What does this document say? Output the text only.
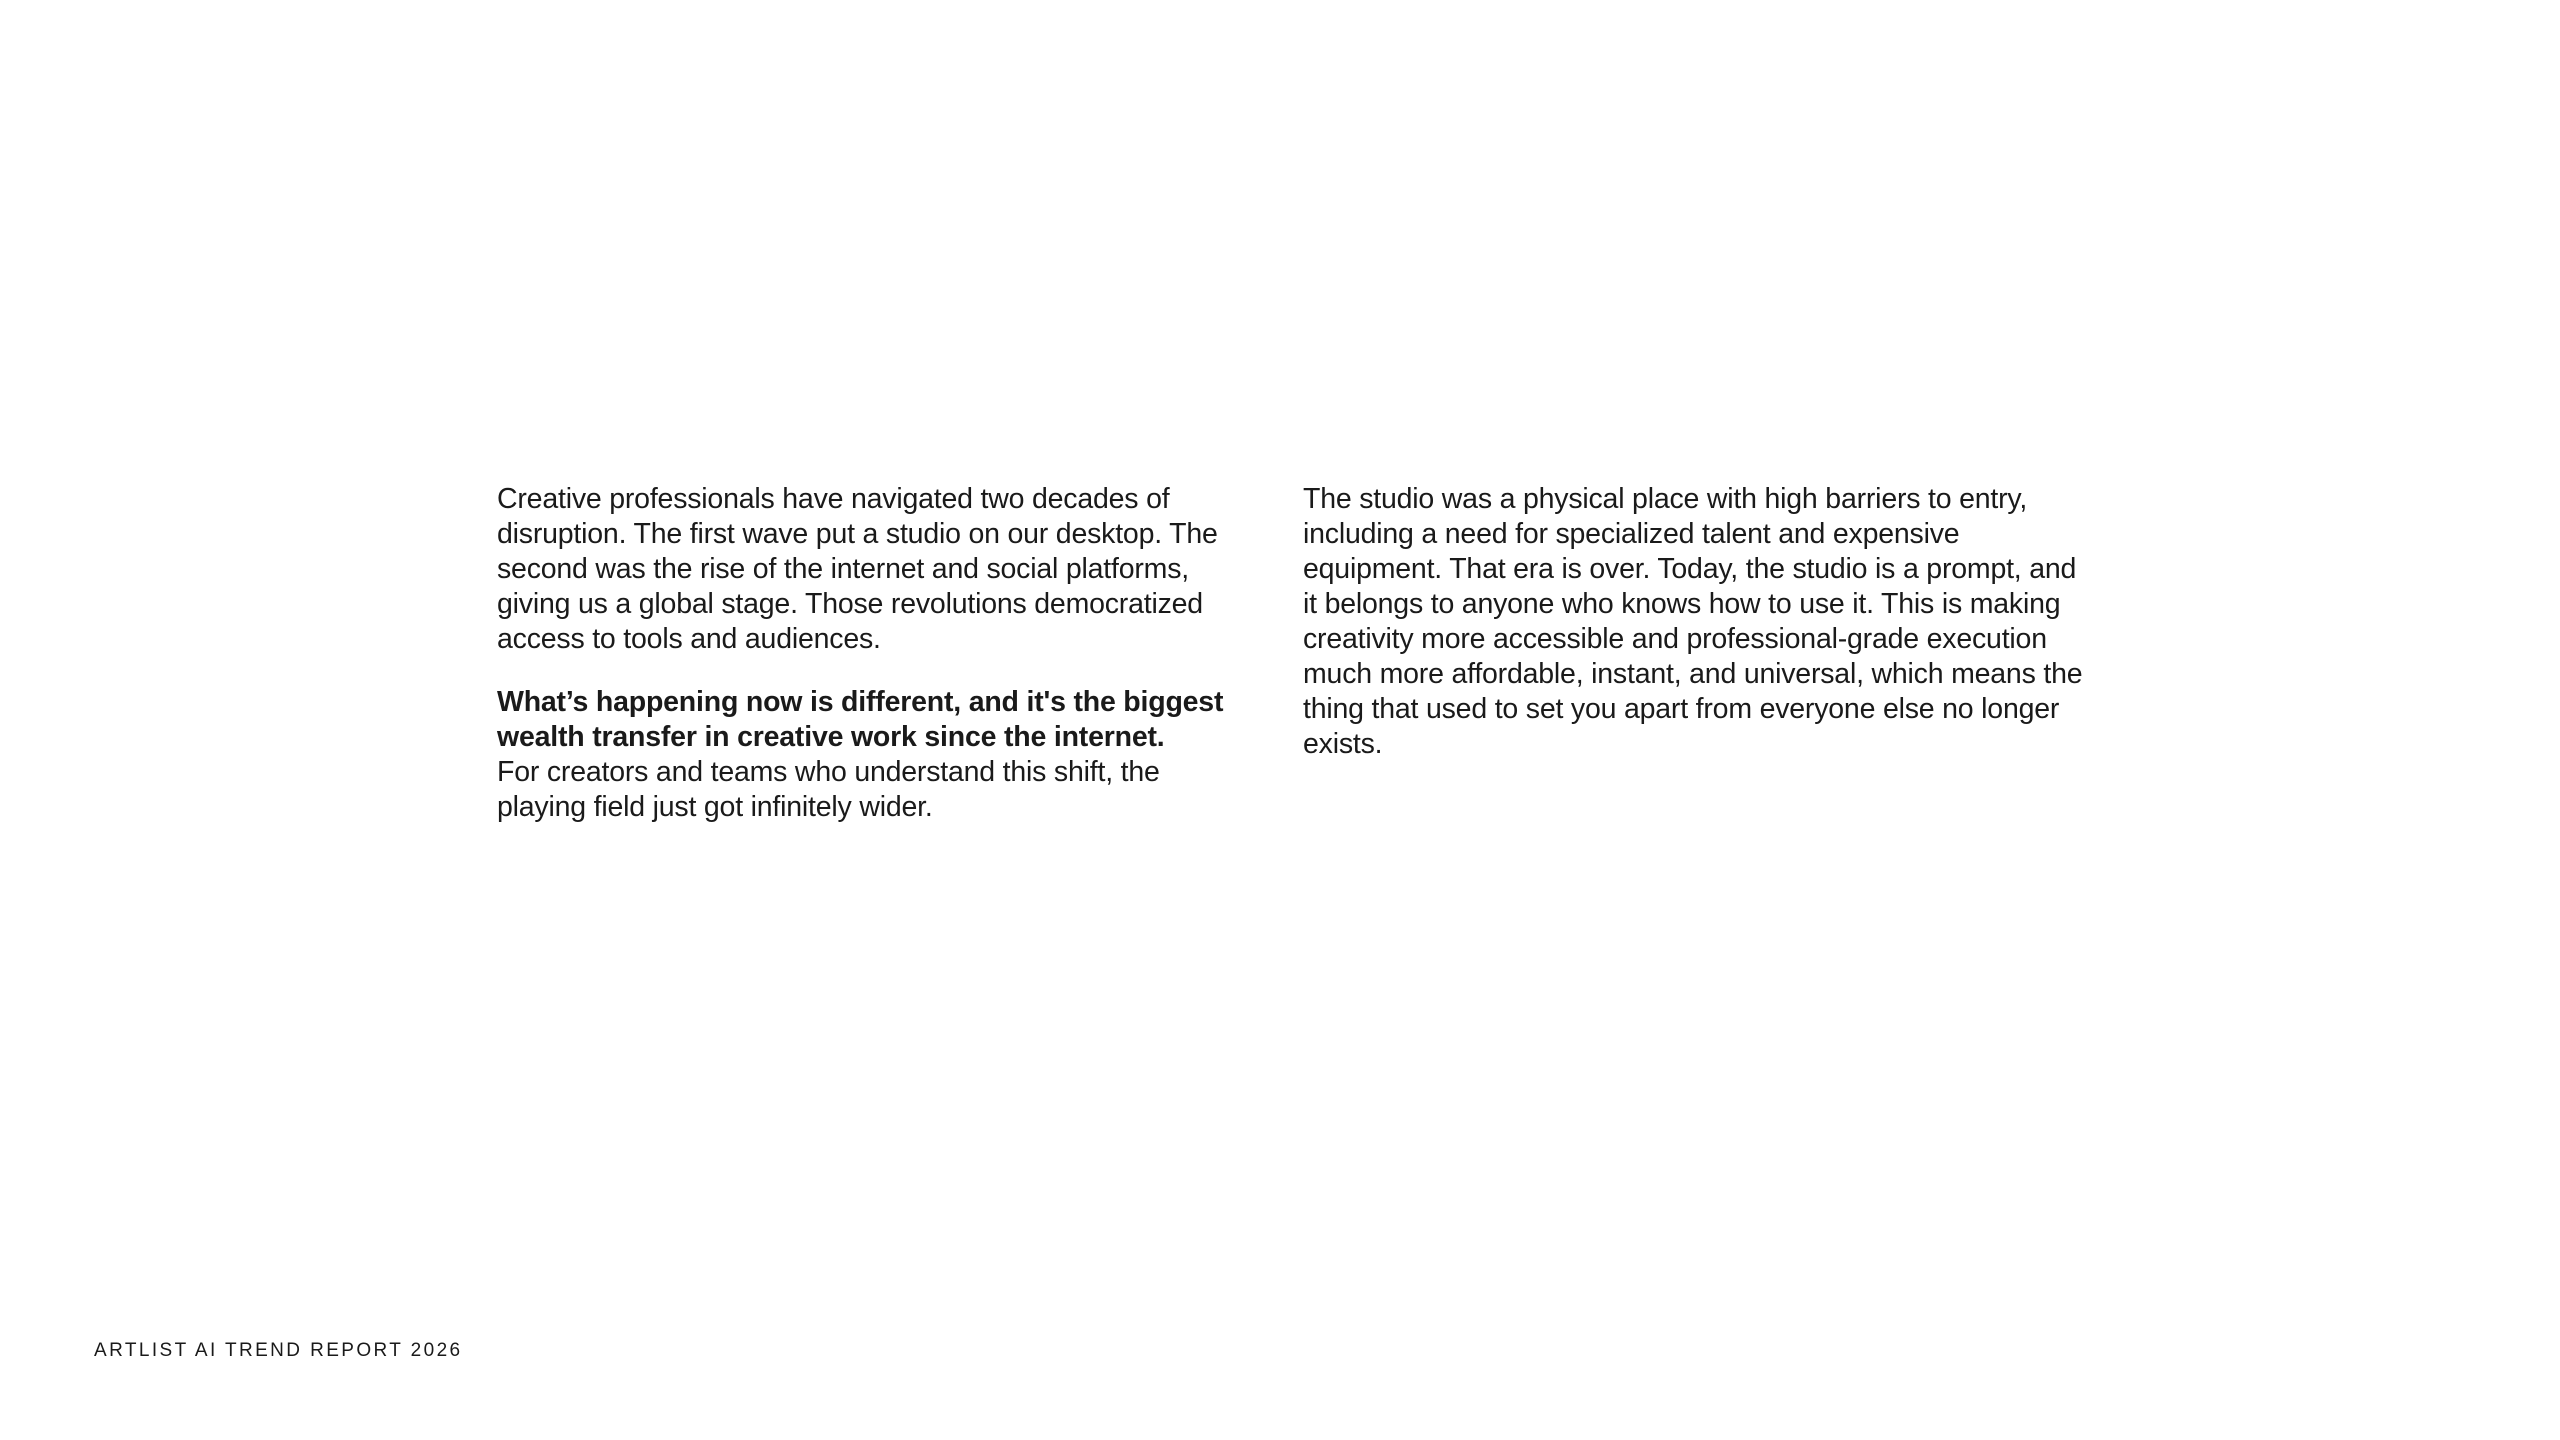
Creative professionals have navigated two decades of disruption. The first wave put a studio on our desktop. The second was the rise of the internet and social platforms, giving us a global stage. Those revolutions democratized access to tools and audiences.

What’s happening now is different, and it's the biggest wealth transfer in creative work since the internet.
For creators and teams who understand this shift, the playing field just got infinitely wider.

The studio was a physical place with high barriers to entry, including a need for specialized talent and expensive equipment. That era is over. Today, the studio is a prompt, and it belongs to anyone who knows how to use it. This is making creativity more accessible and professional-grade execution much more affordable, instant, and universal, which means the thing that used to set you apart from everyone else no longer exists.

ARTLIST AI TREND REPORT 2026
